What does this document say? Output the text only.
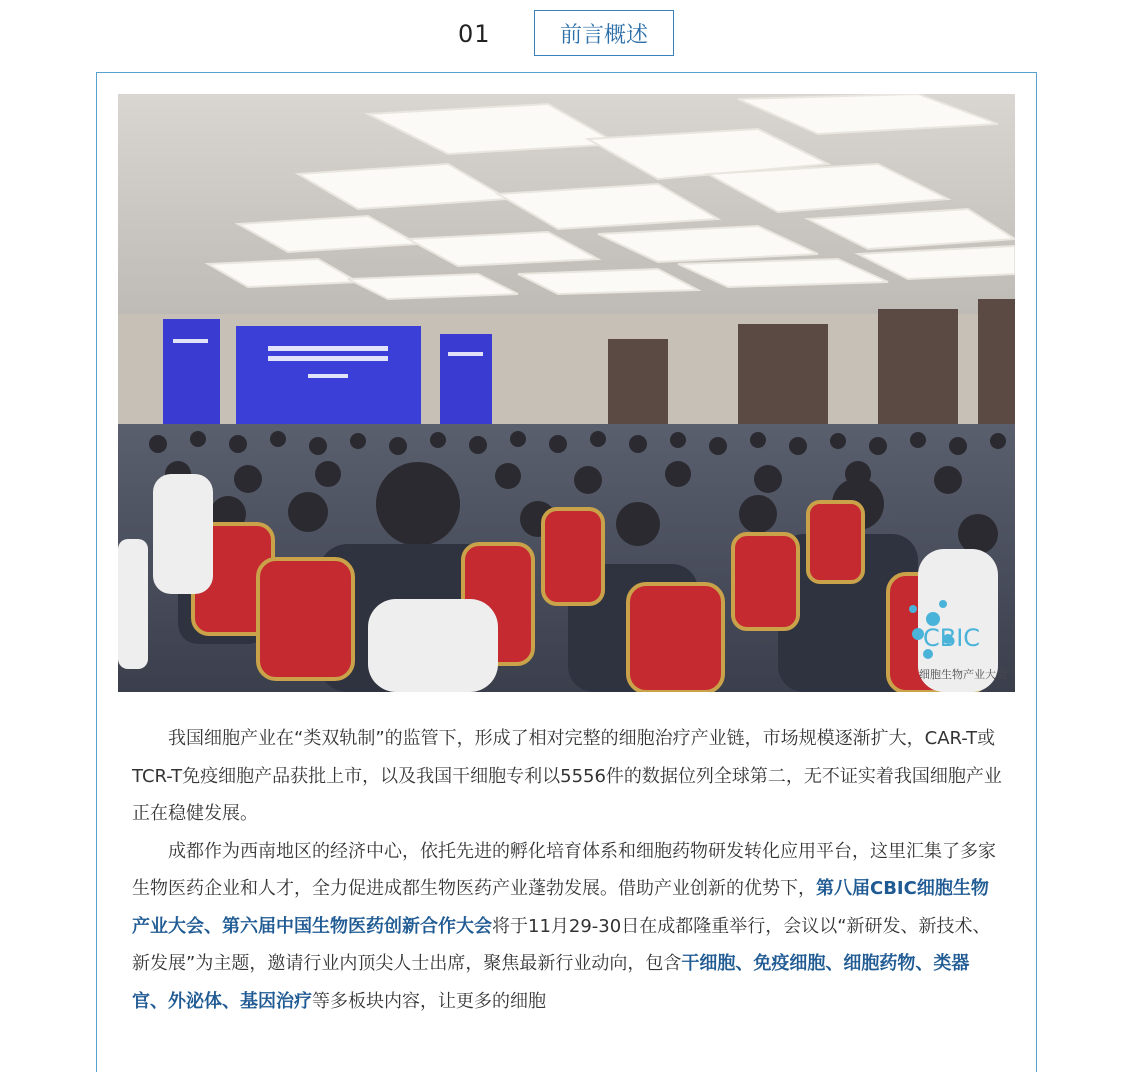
01	前言概述
CBIC
细胞生物产业大会

我国细胞产业在“类双轨制”的监管下，形成了相对完整的细胞治疗产业链，市场规模逐渐扩大，CAR-T或TCR-T免疫细胞产品获批上市，以及我国干细胞专利以5556件的数据位列全球第二，无不证实着我国细胞产业正在稳健发展。

成都作为西南地区的经济中心，依托先进的孵化培育体系和细胞药物研发转化应用平台，这里汇集了多家生物医药企业和人才，全力促进成都生物医药产业蓬勃发展。借助产业创新的优势下，第八届CBIC细胞生物产业大会、第六届中国生物医药创新合作大会将于11月29-30日在成都隆重举行，会议以“新研发、新技术、新发展”为主题，邀请行业内顶尖人士出席，聚焦最新行业动向，包含干细胞、免疫细胞、细胞药物、类器官、外泌体、基因治疗等多板块内容，让更多的细胞
